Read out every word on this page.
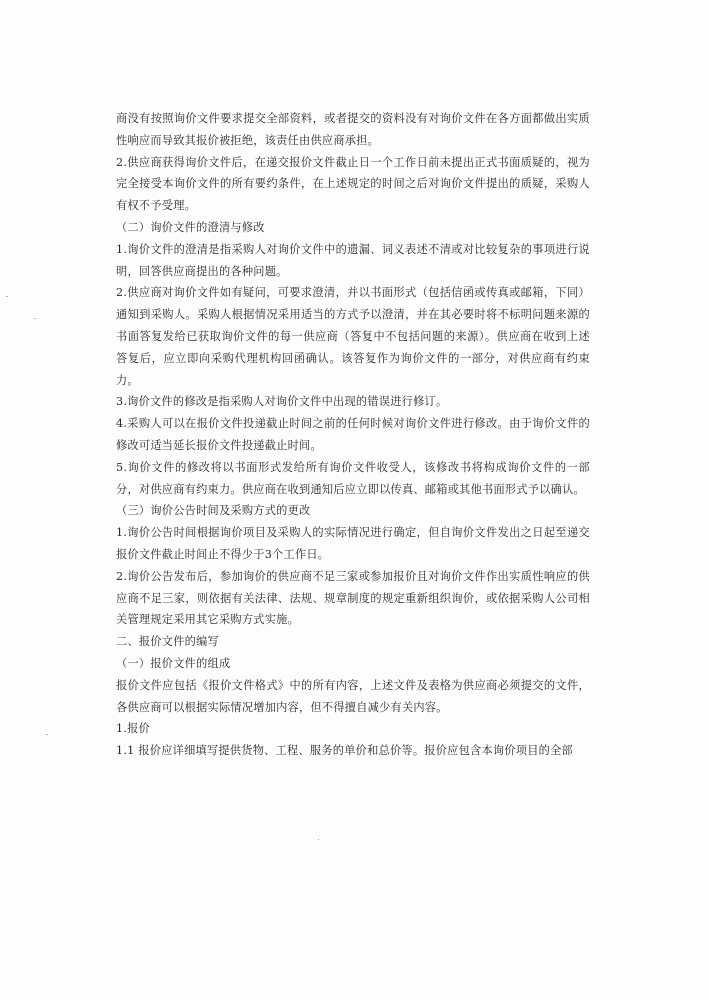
商没有按照询价文件要求提交全部资料，或者提交的资料没有对询价文件在各方面都做出实质性响应而导致其报价被拒绝，该责任由供应商承担。

2.供应商获得询价文件后，在递交报价文件截止日一个工作日前未提出正式书面质疑的，视为完全接受本询价文件的所有要约条件，在上述规定的时间之后对询价文件提出的质疑，采购人有权不予受理。

（二）询价文件的澄清与修改

1.询价文件的澄清是指采购人对询价文件中的遗漏、词义表述不清或对比较复杂的事项进行说明，回答供应商提出的各种问题。

2.供应商对询价文件如有疑问，可要求澄清，并以书面形式（包括信函或传真或邮箱，下同）通知到采购人。采购人根据情况采用适当的方式予以澄清，并在其必要时将不标明问题来源的书面答复发给已获取询价文件的每一供应商（答复中不包括问题的来源）。供应商在收到上述答复后，应立即向采购代理机构回函确认。该答复作为询价文件的一部分，对供应商有约束力。

3.询价文件的修改是指采购人对询价文件中出现的错误进行修订。

4.采购人可以在报价文件投递截止时间之前的任何时候对询价文件进行修改。由于询价文件的修改可适当延长报价文件投递截止时间。

5.询价文件的修改将以书面形式发给所有询价文件收受人，该修改书将构成询价文件的一部分，对供应商有约束力。供应商在收到通知后应立即以传真、邮箱或其他书面形式予以确认。

（三）询价公告时间及采购方式的更改

1.询价公告时间根据询价项目及采购人的实际情况进行确定，但自询价文件发出之日起至递交报价文件截止时间止不得少于3个工作日。

2.询价公告发布后，参加询价的供应商不足三家或参加报价且对询价文件作出实质性响应的供应商不足三家，则依据有关法律、法规、规章制度的规定重新组织询价，或依据采购人公司相关管理规定采用其它采购方式实施。

二、报价文件的编写

（一）报价文件的组成

报价文件应包括《报价文件格式》中的所有内容，上述文件及表格为供应商必须提交的文件，各供应商可以根据实际情况增加内容，但不得擅自减少有关内容。

1.报价

1.1 报价应详细填写提供货物、工程、服务的单价和总价等。报价应包含本询价项目的全部
